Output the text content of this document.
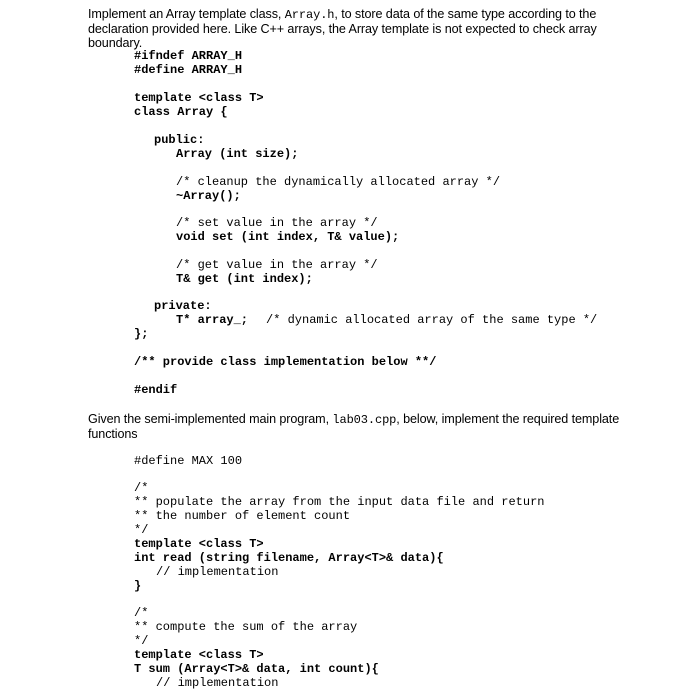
Implement an Array template class, Array.h, to store data of the same type according to the declaration provided here. Like C++ arrays, the Array template is not expected to check array boundary.
#ifndef ARRAY_H
#define ARRAY_H
template <class T>
class Array {
public:
Array (int size);
/* cleanup the dynamically allocated array */
~Array();
/* set value in the array */
void set (int index, T& value);
/* get value in the array */
T& get (int index);
private:
T* array_; /* dynamic allocated array of the same type */
};
/** provide class implementation below **/
#endif
Given the semi-implemented main program, lab03.cpp, below, implement the required template functions
#define MAX 100
/*
** populate the array from the input data file and return
** the number of element count
*/
template <class T>
int read (string filename, Array<T>& data){
// implementation
}
/*
** compute the sum of the array
*/
template <class T>
T sum (Array<T>& data, int count){
// implementation
